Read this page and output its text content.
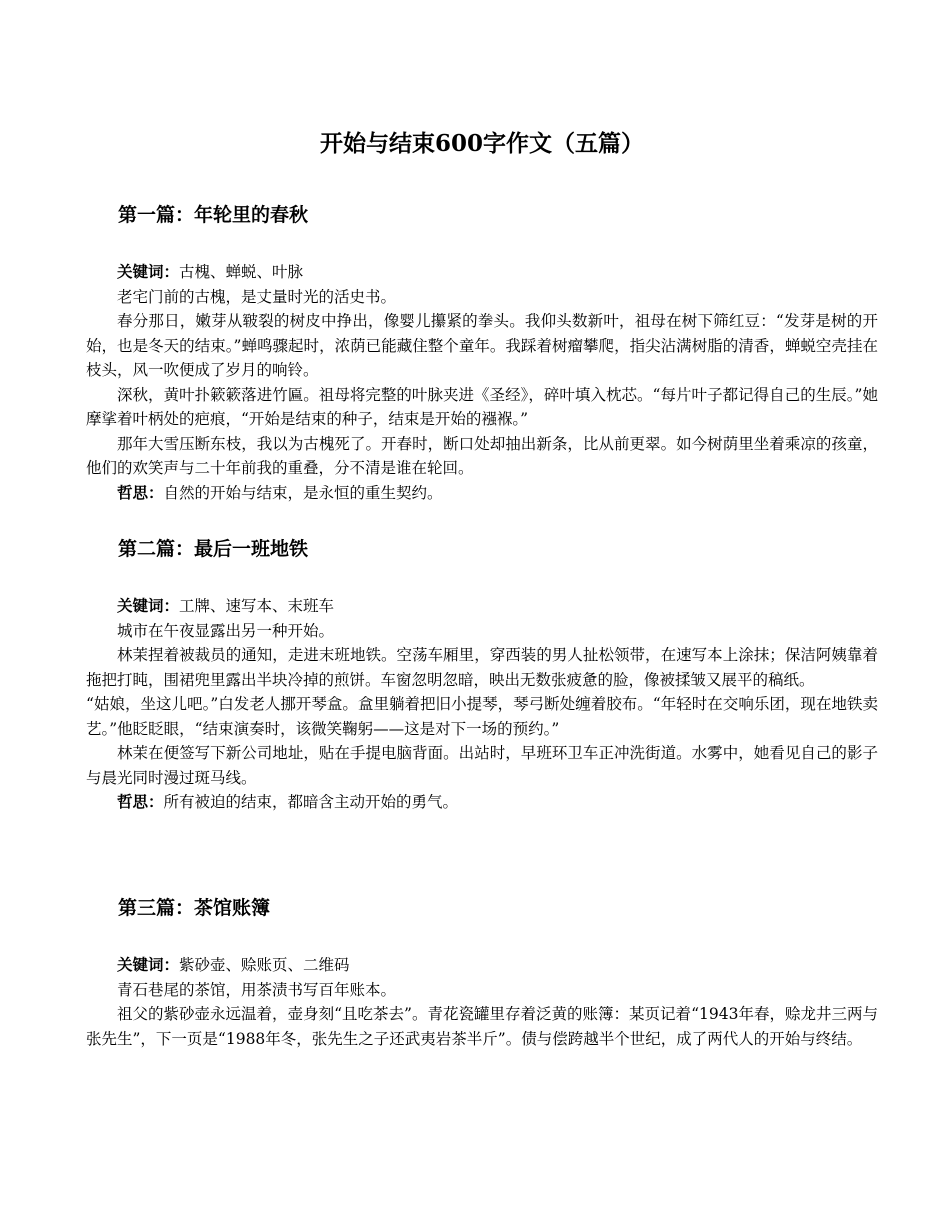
开始与结束600字作文（五篇）
第一篇：年轮里的春秋

关键词：古槐、蝉蜕、叶脉

老宅门前的古槐，是丈量时光的活史书。

春分那日，嫩芽从皲裂的树皮中挣出，像婴儿攥紧的拳头。我仰头数新叶，祖母在树下筛红豆：“发芽是树的开始，也是冬天的结束。”蝉鸣骤起时，浓荫已能藏住整个童年。我踩着树瘤攀爬，指尖沾满树脂的清香，蝉蜕空壳挂在枝头，风一吹便成了岁月的响铃。

深秋，黄叶扑簌簌落进竹匾。祖母将完整的叶脉夹进《圣经》，碎叶填入枕芯。“每片叶子都记得自己的生辰。”她摩挲着叶柄处的疤痕，“开始是结束的种子，结束是开始的襁褓。”

那年大雪压断东枝，我以为古槐死了。开春时，断口处却抽出新条，比从前更翠。如今树荫里坐着乘凉的孩童，他们的欢笑声与二十年前我的重叠，分不清是谁在轮回。

哲思：自然的开始与结束，是永恒的重生契约。

第二篇：最后一班地铁

关键词：工牌、速写本、末班车

城市在午夜显露出另一种开始。

林茉捏着被裁员的通知，走进末班地铁。空荡车厢里，穿西装的男人扯松领带，在速写本上涂抹；保洁阿姨靠着拖把打盹，围裙兜里露出半块冷掉的煎饼。车窗忽明忽暗，映出无数张疲惫的脸，像被揉皱又展平的稿纸。

“姑娘，坐这儿吧。”白发老人挪开琴盒。盒里躺着把旧小提琴，琴弓断处缠着胶布。“年轻时在交响乐团，现在地铁卖艺。”他眨眨眼，“结束演奏时，该微笑鞠躬——这是对下一场的预约。”

林茉在便签写下新公司地址，贴在手提电脑背面。出站时，早班环卫车正冲洗街道。水雾中，她看见自己的影子与晨光同时漫过斑马线。

哲思：所有被迫的结束，都暗含主动开始的勇气。

第三篇：茶馆账簿

关键词：紫砂壶、赊账页、二维码

青石巷尾的茶馆，用茶渍书写百年账本。

祖父的紫砂壶永远温着，壶身刻“且吃茶去”。青花瓷罐里存着泛黄的账簿：某页记着“1943年春，赊龙井三两与张先生”，下一页是“1988年冬，张先生之子还武夷岩茶半斤”。债与偿跨越半个世纪，成了两代人的开始与终结。
